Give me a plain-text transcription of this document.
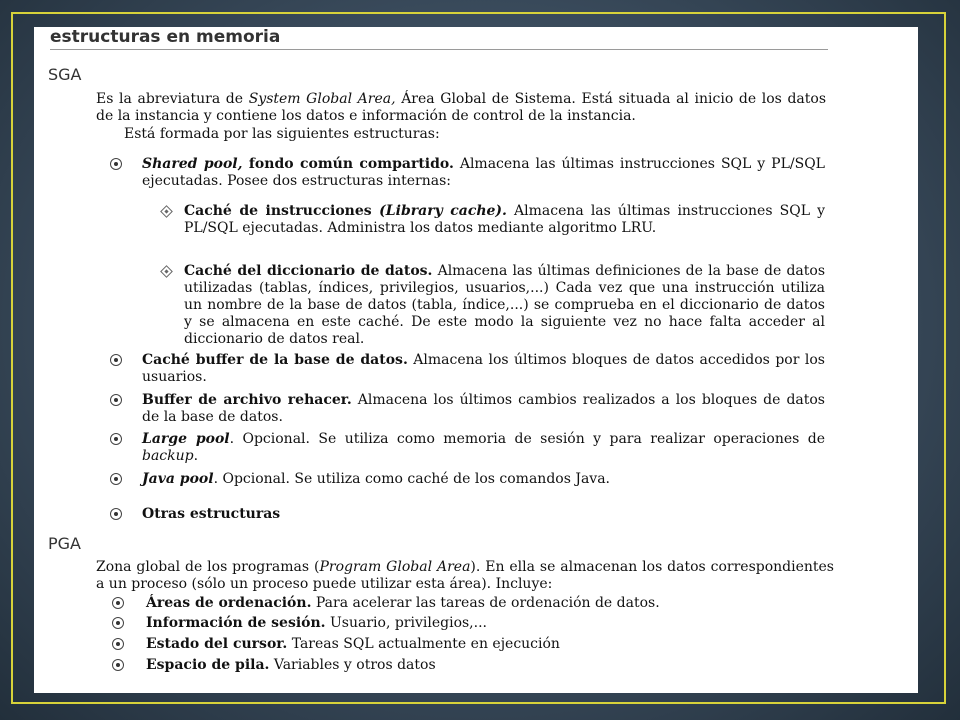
estructuras en memoria
SGA
Es la abreviatura de System Global Area, Área Global de Sistema. Está situada al inicio de los datos de la instancia y contiene los datos e información de control de la instancia.
Está formada por las siguientes estructuras:
Shared pool, fondo común compartido. Almacena las últimas instrucciones SQL y PL/SQL ejecutadas. Posee dos estructuras internas:
Caché de instrucciones (Library cache). Almacena las últimas instrucciones SQL y PL/SQL ejecutadas. Administra los datos mediante algoritmo LRU.
Caché del diccionario de datos. Almacena las últimas definiciones de la base de datos utilizadas (tablas, índices, privilegios, usuarios,...) Cada vez que una instrucción utiliza un nombre de la base de datos (tabla, índice,...) se comprueba en el diccionario de datos y se almacena en este caché. De este modo la siguiente vez no hace falta acceder al diccionario de datos real.
Caché buffer de la base de datos. Almacena los últimos bloques de datos accedidos por los usuarios.
Buffer de archivo rehacer. Almacena los últimos cambios realizados a los bloques de datos de la base de datos.
Large pool. Opcional. Se utiliza como memoria de sesión y para realizar operaciones de backup.
Java pool. Opcional. Se utiliza como caché de los comandos Java.
Otras estructuras
PGA
Zona global de los programas (Program Global Area). En ella se almacenan los datos correspondientes a un proceso (sólo un proceso puede utilizar esta área). Incluye:
Áreas de ordenación. Para acelerar las tareas de ordenación de datos.
Información de sesión. Usuario, privilegios,...
Estado del cursor. Tareas SQL actualmente en ejecución
Espacio de pila. Variables y otros datos
